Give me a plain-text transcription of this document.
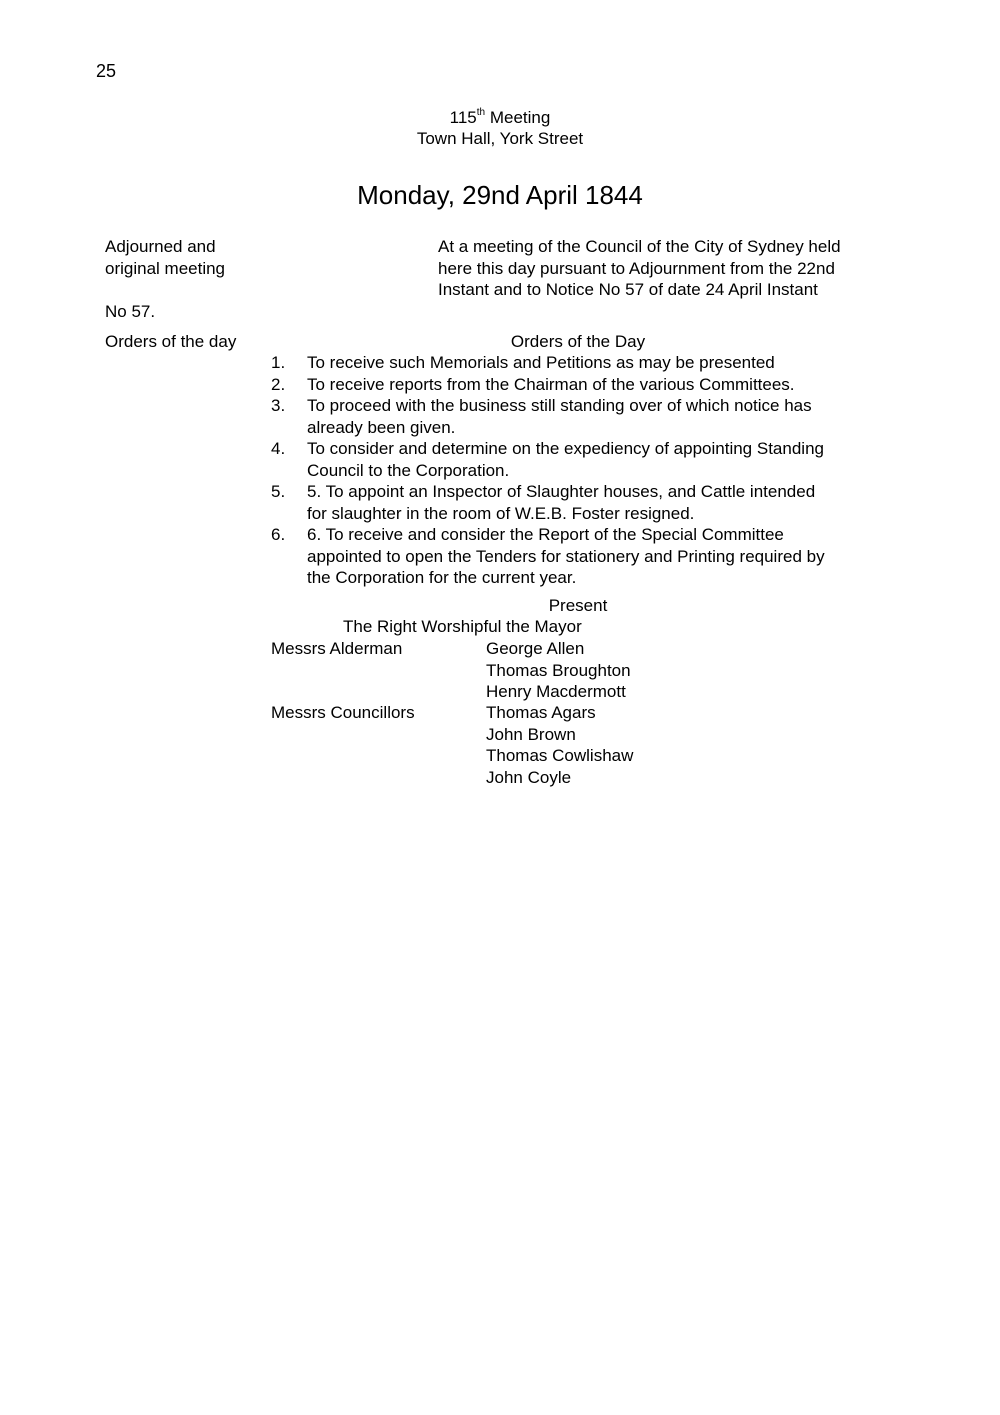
25
115th Meeting
Town Hall, York Street
Monday, 29nd April 1844
Adjourned and
original meeting
No 57.
Orders of the day
At a meeting of the Council of the City of Sydney held
here this day pursuant to Adjournment from the 22nd
Instant and to Notice No 57 of date 24 April Instant
Orders of the Day
1.	To receive such Memorials and Petitions as may be presented
2.	To receive reports from the Chairman of the various Committees.
3.	To proceed with the business still standing over of which notice has
already been given.
4.	To consider and determine on the expediency of appointing Standing
Council to the Corporation.
5.	5. To appoint an Inspector of Slaughter houses, and Cattle intended
for slaughter in the room of W.E.B. Foster resigned.
6.	6. To receive and consider the Report of the Special Committee
appointed to open the Tenders for stationery and Printing required by
the Corporation for the current year.
Present
The Right Worshipful the Mayor
Messrs Alderman	George Allen
Thomas Broughton
Henry Macdermott
Messrs Councillors	Thomas Agars
John Brown
Thomas Cowlishaw
John Coyle
